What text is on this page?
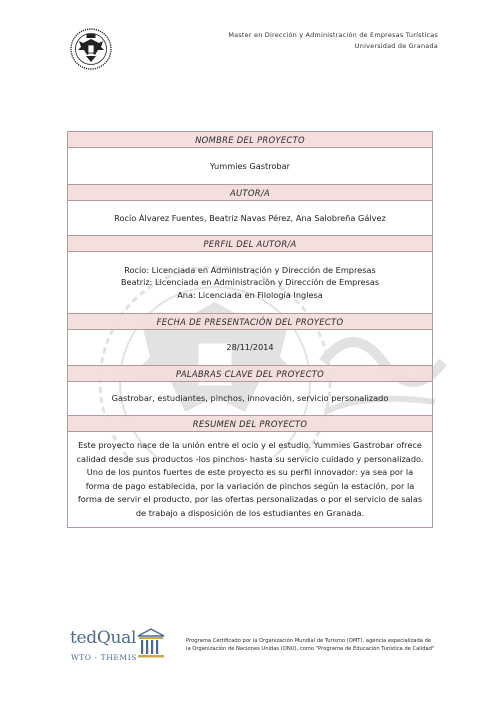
Master en Dirección y Administración de Empresas Turísticas
Universidad de Granada
NOMBRE DEL PROYECTO
Yummies Gastrobar
AUTOR/A
Rocío Álvarez Fuentes, Beatriz Navas Pérez, Ana Salobreña Gálvez
PERFIL DEL AUTOR/A

Rocío: Licenciada en Administración y Dirección de Empresas
Beatriz: Licenciada en Administración y Dirección de Empresas
Ana: Licenciada en Filología Inglesa

FECHA DE PRESENTACIÓN DEL PROYECTO
28/11/2014
PALABRAS CLAVE DEL PROYECTO
Gastrobar, estudiantes, pinchos, innovación, servicio personalizado
RESUMEN DEL PROYECTO
Este proyecto nace de la unión entre el ocio y el estudio. Yummies Gastrobar ofrece calidad desde sus productos -los pinchos- hasta su servicio cuidado y personalizado. Uno de los puntos fuertes de este proyecto es su perfil innovador: ya sea por la forma de pago establecida, por la variación de pinchos según la estación, por la forma de servir el producto, por las ofertas personalizadas o por el servicio de salas de trabajo a disposición de los estudiantes en Granada.
tedQual
WTO · THEMIS
Programa Certificado por la Organización Mundial de Turismo (OMT), agencia especializada de la Organización de Naciones Unidas (ONU), como "Programa de Educación Turística de Calidad"
